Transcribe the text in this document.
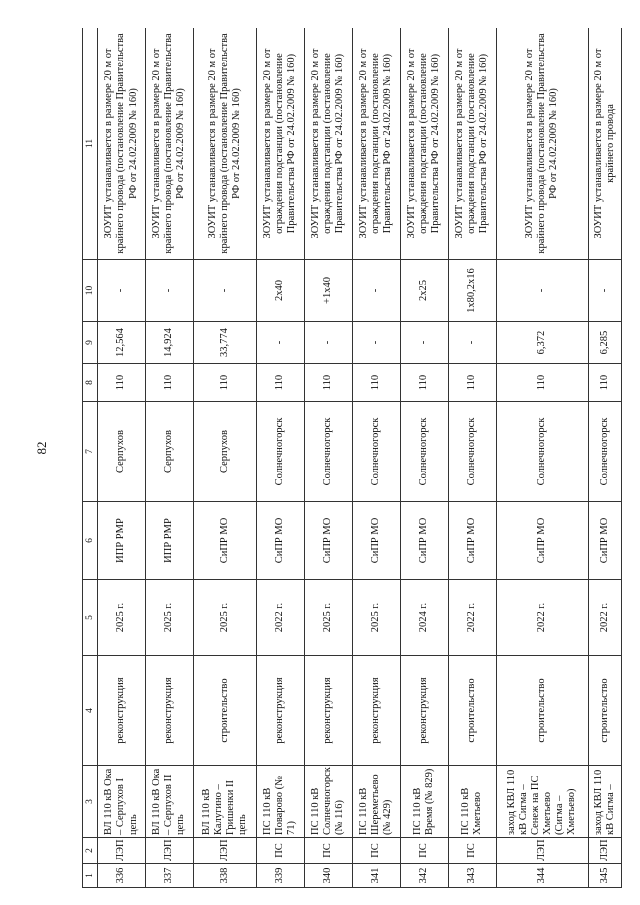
82
1	2	3	4	5	6	7	8	9	10	11
336	ЛЭП	ВЛ 110 кВ Ока – Серпухов I цепь	реконструкция	2025 г.	ИПР РМР	Серпухов	110	12,564	-	ЗОУИТ устанавливается в размере 20 м от крайнего провода (постановление Правительства РФ от 24.02.2009 № 160)
337	ЛЭП	ВЛ 110 кВ Ока – Серпухов II цепь	реконструкция	2025 г.	ИПР РМР	Серпухов	110	14,924	-	ЗОУИТ устанавливается в размере 20 м от крайнего провода (постановление Правительства РФ от 24.02.2009 № 160)
338	ЛЭП	ВЛ 110 кВ Калугино – Гришенки II цепь	строительство	2025 г.	СиПР МО	Серпухов	110	33,774	-	ЗОУИТ устанавливается в размере 20 м от крайнего провода (постановление Правительства РФ от 24.02.2009 № 160)
339	ПС	ПС 110 кВ Поварово (№ 71)	реконструкция	2022 г.	СиПР МО	Солнечногорск	110	-	2x40	ЗОУИТ устанавливается в размере 20 м от ограждения подстанции (постановление Правительства РФ от 24.02.2009 № 160)
340	ПС	ПС 110 кВ Солнечногорск (№ 116)	реконструкция	2025 г.	СиПР МО	Солнечногорск	110	-	+1x40	ЗОУИТ устанавливается в размере 20 м от ограждения подстанции (постановление Правительства РФ от 24.02.2009 № 160)
341	ПС	ПС 110 кВ Шереметьево (№ 429)	реконструкция	2025 г.	СиПР МО	Солнечногорск	110	-	-	ЗОУИТ устанавливается в размере 20 м от ограждения подстанции (постановление Правительства РФ от 24.02.2009 № 160)
342	ПС	ПС 110 кВ Время (№ 829)	реконструкция	2024 г.	СиПР МО	Солнечногорск	110	-	2x25	ЗОУИТ устанавливается в размере 20 м от ограждения подстанции (постановление Правительства РФ от 24.02.2009 № 160)
343	ПС	ПС 110 кВ Хметьево	строительство	2022 г.	СиПР МО	Солнечногорск	110	-	1x80,2x16	ЗОУИТ устанавливается в размере 20 м от ограждения подстанции (постановление Правительства РФ от 24.02.2009 № 160)
344	ЛЭП	заход КВЛ 110 кВ Сигма – Сенеж на ПС Хметьево (Сигма – Хметьево)	строительство	2022 г.	СиПР МО	Солнечногорск	110	6,372	-	ЗОУИТ устанавливается в размере 20 м от крайнего провода (постановление Правительства РФ от 24.02.2009 № 160)
345	ЛЭП	заход КВЛ 110 кВ Сигма –	строительство	2022 г.	СиПР МО	Солнечногорск	110	6,285	-	ЗОУИТ устанавливается в размере 20 м от крайнего провода
